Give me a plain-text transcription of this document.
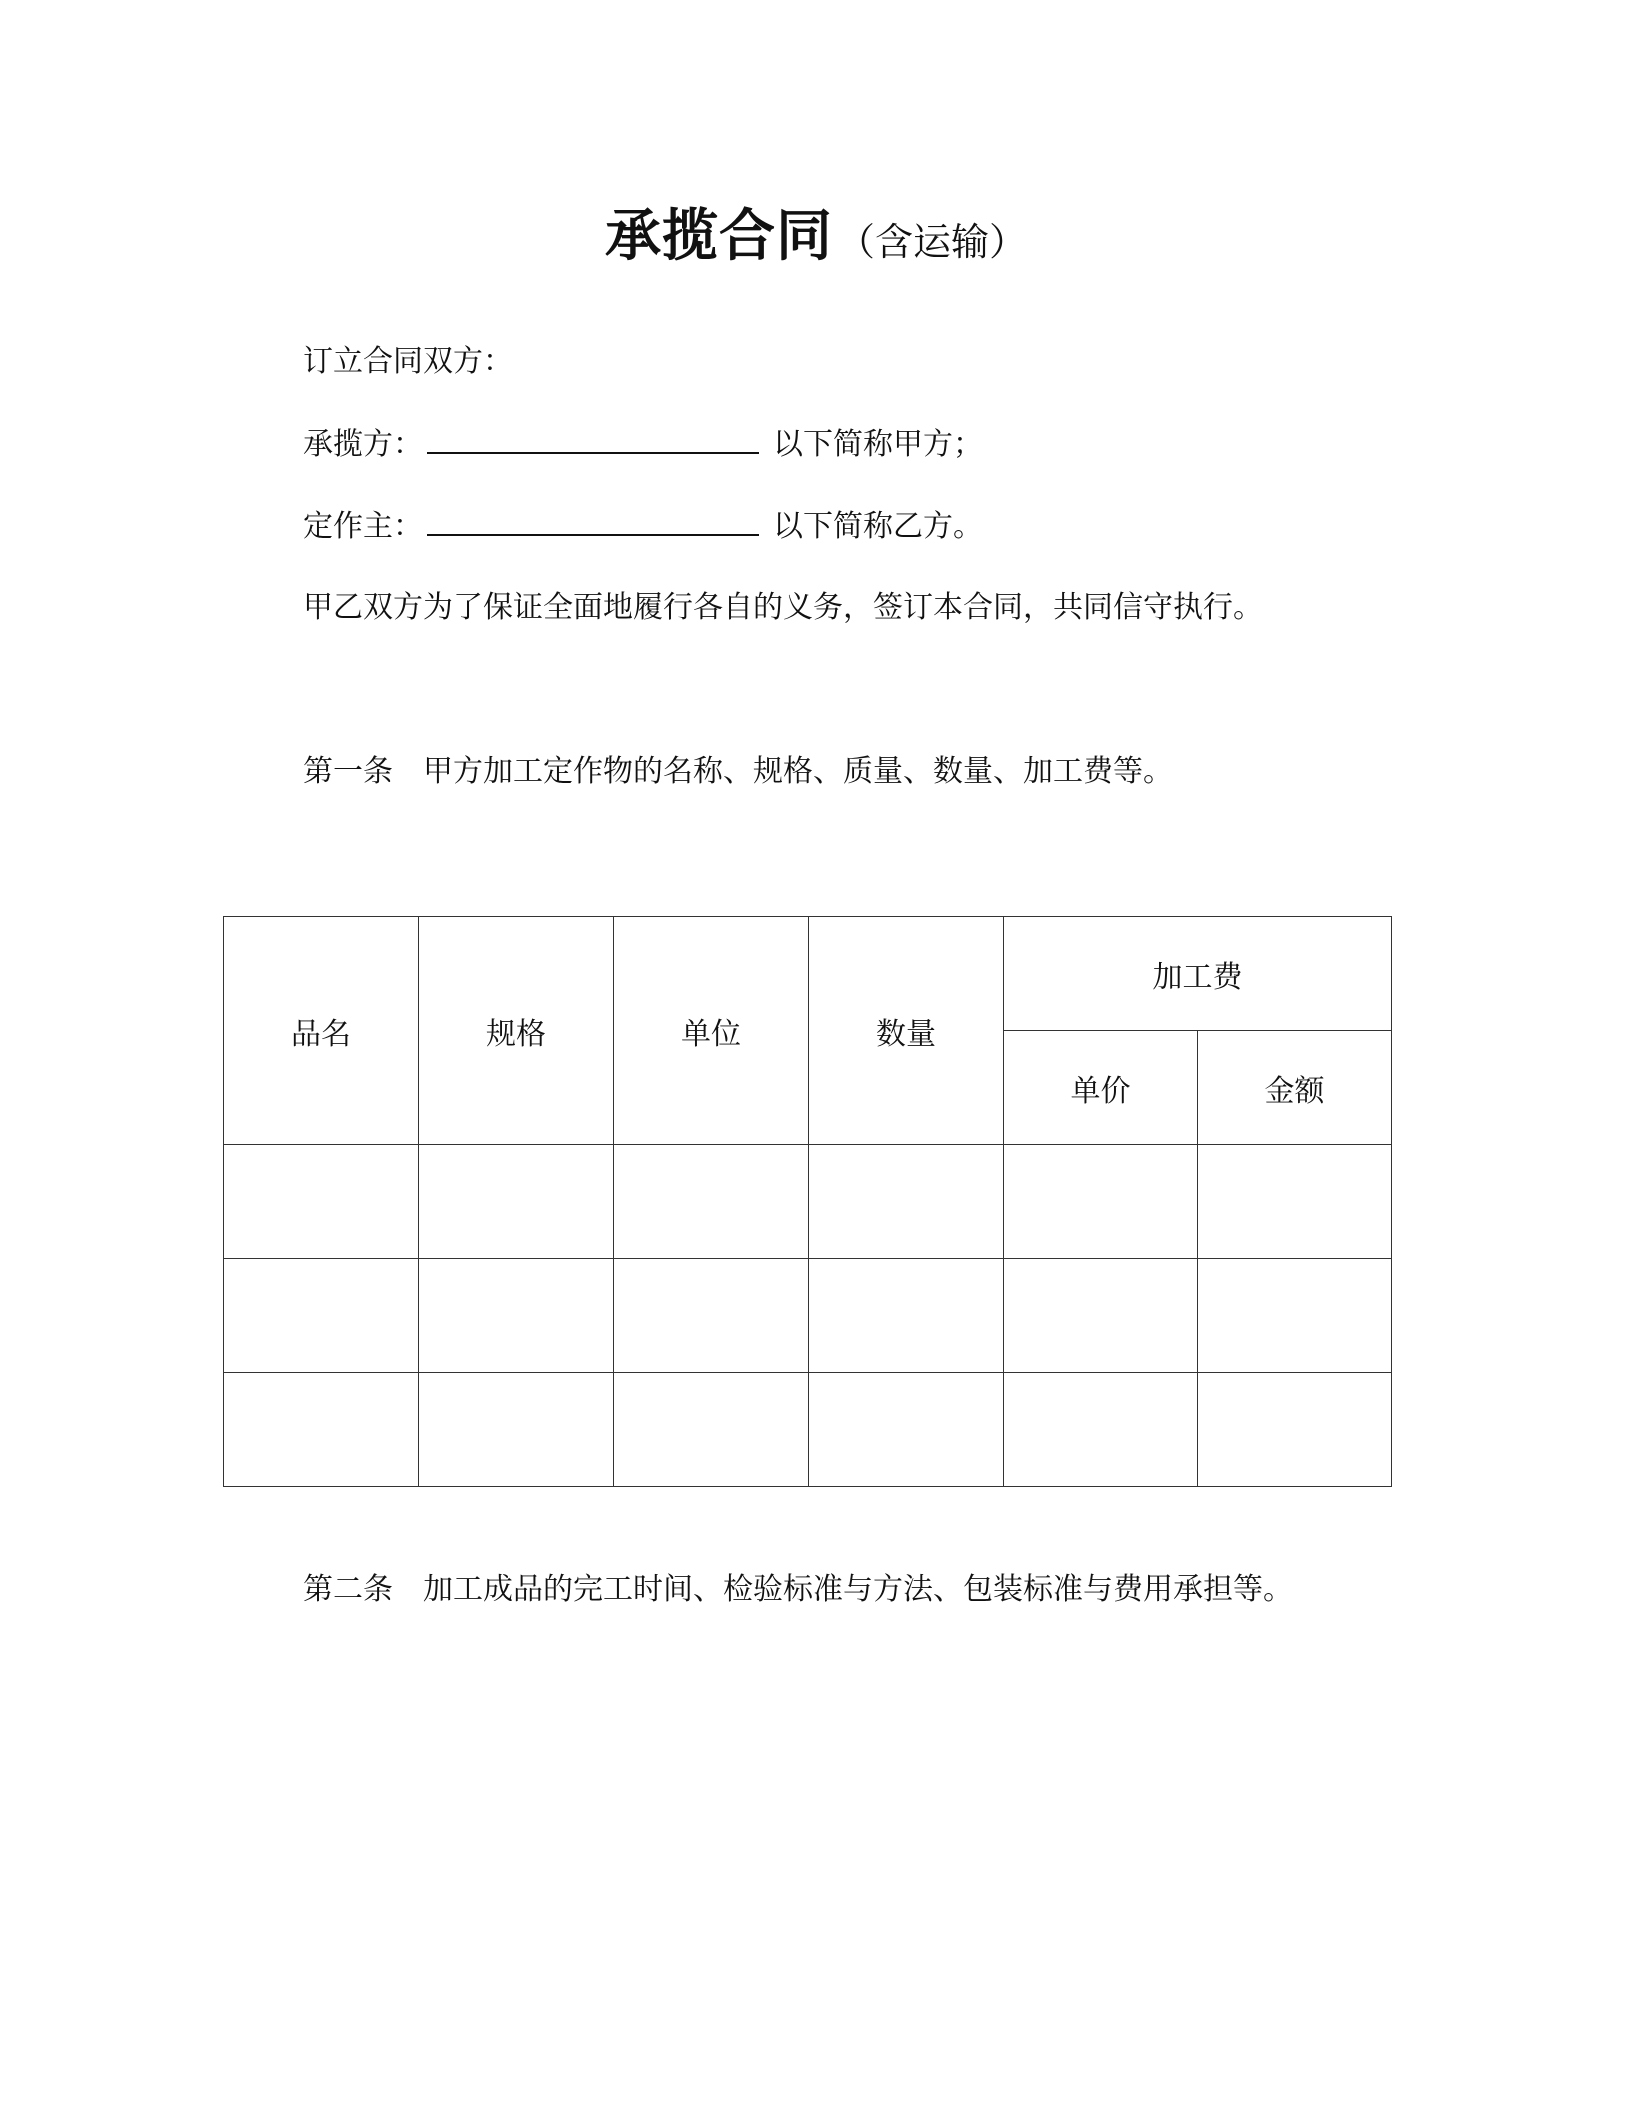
承揽合同 （含运输）
订立合同双方：
承揽方：	以下简称甲方；
定作主：	以下简称乙方。
甲乙双方为了保证全面地履行各自的义务，签订本合同，共同信守执行。
第一条 甲方加工定作物的名称、规格、质量、数量、加工费等。
品名	规格	单位	数量	加工费	
				单价	金额

第二条 加工成品的完工时间、检验标准与方法、包装标准与费用承担等。
